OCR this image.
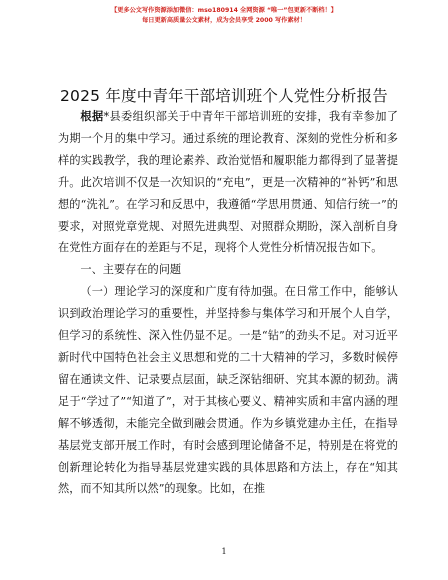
【更多公文写作资源添加微信：mso180914 全网资源 “唯一”包更新不断档！】
每日更新高质量公文素材，成为会员享受 2000 写作素材！
2025 年度中青年干部培训班个人党性分析报告

根据*县委组织部关于中青年干部培训班的安排，我有幸参加了为期一个月的集中学习。通过系统的理论教育、深刻的党性分析和多样的实践教学，我的理论素养、政治觉悟和履职能力都得到了显著提升。此次培训不仅是一次知识的“充电”，更是一次精神的“补钙”和思想的“洗礼”。在学习和反思中，我遵循“学思用贯通、知信行统一”的要求，对照党章党规、对照先进典型、对照群众期盼，深入剖析自身在党性方面存在的差距与不足，现将个人党性分析情况报告如下。

一、主要存在的问题

（一）理论学习的深度和广度有待加强。在日常工作中，能够认识到政治理论学习的重要性，并坚持参与集体学习和开展个人自学，但学习的系统性、深入性仍显不足。一是“钻”的劲头不足。对习近平新时代中国特色社会主义思想和党的二十大精神的学习，多数时候停留在通读文件、记录要点层面，缺乏深钻细研、究其本源的韧劲。满足于“学过了”“知道了”，对于其核心要义、精神实质和丰富内涵的理解不够透彻，未能完全做到融会贯通。作为乡镇党建办主任，在指导基层党支部开展工作时，有时会感到理论储备不足，特别是在将党的创新理论转化为指导基层党建实践的具体思路和方法上，存在“知其然，而不知其所以然”的现象。比如，在推

1
